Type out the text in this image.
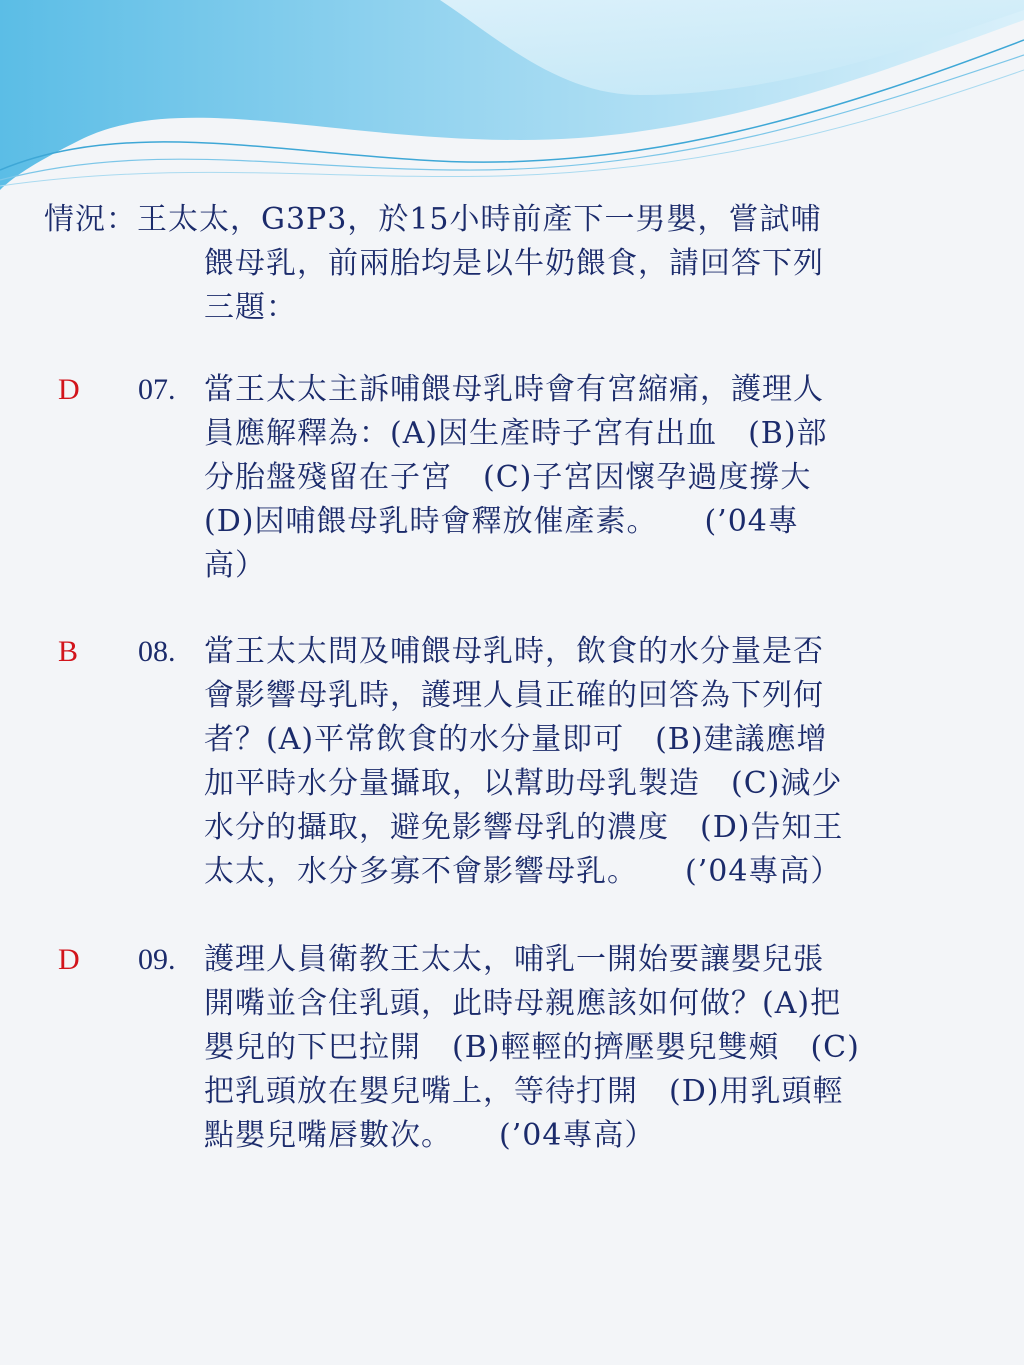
情況：王太太，G3P3，於15小時前產下一男嬰，嘗試哺
餵母乳，前兩胎均是以牛奶餵食，請回答下列
三題：
D 07. 當王太太主訴哺餵母乳時會有宮縮痛，護理人
員應解釋為：(A)因生產時子宮有出血　(B)部
分胎盤殘留在子宮　(C)子宮因懷孕過度撐大
(D)因哺餵母乳時會釋放催產素。　　(’04專
高）
B 08. 當王太太問及哺餵母乳時，飲食的水分量是否
會影響母乳時，護理人員正確的回答為下列何
者？(A)平常飲食的水分量即可　(B)建議應增
加平時水分量攝取，以幫助母乳製造　(C)減少
水分的攝取，避免影響母乳的濃度　(D)告知王
太太，水分多寡不會影響母乳。　　(’04專高）
D 09. 護理人員衛教王太太，哺乳一開始要讓嬰兒張
開嘴並含住乳頭，此時母親應該如何做？(A)把
嬰兒的下巴拉開　(B)輕輕的擠壓嬰兒雙頰　(C)
把乳頭放在嬰兒嘴上，等待打開　(D)用乳頭輕
點嬰兒嘴唇數次。　　(’04專高）
